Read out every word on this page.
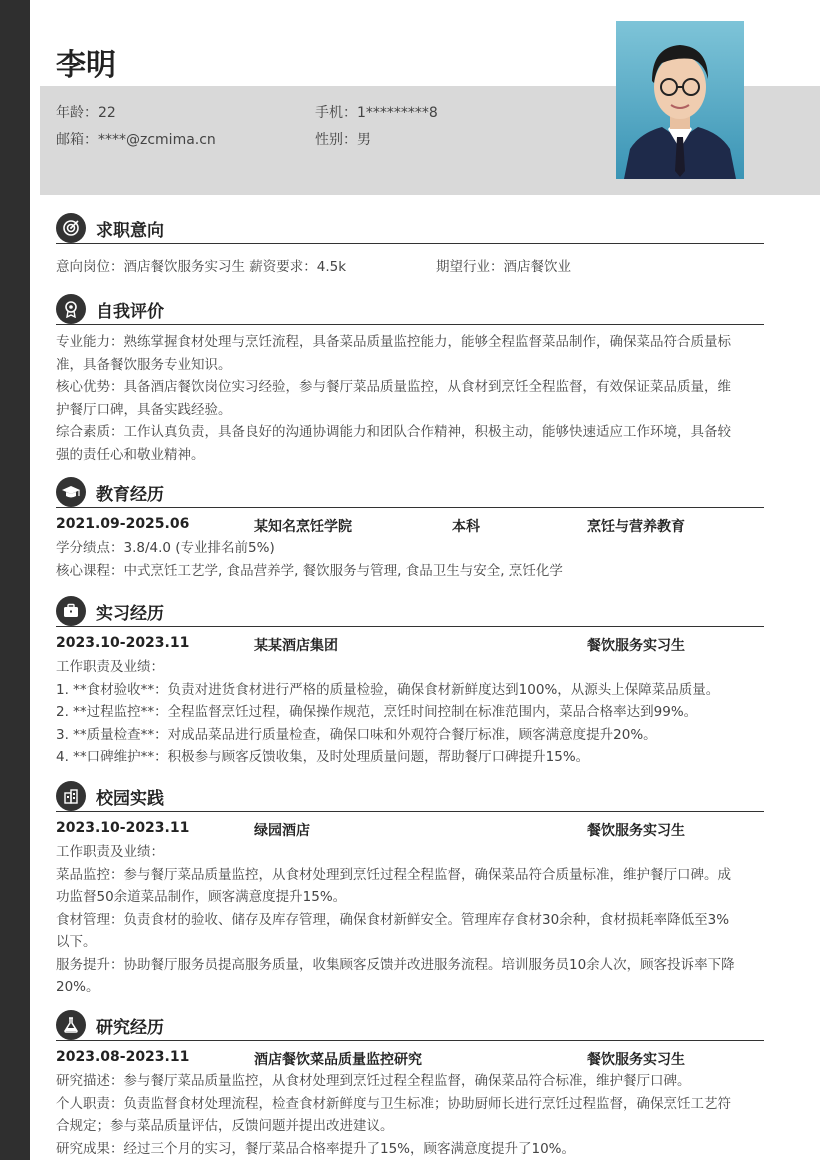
李明
年龄：22	手机：1*********8
邮箱：****@zcmima.cn	性别：男
求职意向
意向岗位：酒店餐饮服务实习生 薪资要求：4.5k	期望行业：酒店餐饮业
自我评价
专业能力：熟练掌握食材处理与烹饪流程，具备菜品质量监控能力，能够全程监督菜品制作，确保菜品符合质量标
准，具备餐饮服务专业知识。
核心优势：具备酒店餐饮岗位实习经验，参与餐厅菜品质量监控，从食材到烹饪全程监督，有效保证菜品质量，维
护餐厅口碑，具备实践经验。
综合素质：工作认真负责，具备良好的沟通协调能力和团队合作精神，积极主动，能够快速适应工作环境，具备较
强的责任心和敬业精神。
教育经历
2021.09-2025.06	某知名烹饪学院	本科	烹饪与营养教育
学分绩点：3.8/4.0 (专业排名前5%)
核心课程：中式烹饪工艺学, 食品营养学, 餐饮服务与管理, 食品卫生与安全, 烹饪化学
实习经历
2023.10-2023.11	某某酒店集团	餐饮服务实习生
工作职责及业绩：
1. **食材验收**：负责对进货食材进行严格的质量检验，确保食材新鲜度达到100%，从源头上保障菜品质量。
2. **过程监控**：全程监督烹饪过程，确保操作规范，烹饪时间控制在标准范围内，菜品合格率达到99%。
3. **质量检查**：对成品菜品进行质量检查，确保口味和外观符合餐厅标准，顾客满意度提升20%。
4. **口碑维护**：积极参与顾客反馈收集，及时处理质量问题，帮助餐厅口碑提升15%。
校园实践
2023.10-2023.11	绿园酒店	餐饮服务实习生
工作职责及业绩：
菜品监控：参与餐厅菜品质量监控，从食材处理到烹饪过程全程监督，确保菜品符合质量标准，维护餐厅口碑。成
功监督50余道菜品制作，顾客满意度提升15%。
食材管理：负责食材的验收、储存及库存管理，确保食材新鲜安全。管理库存食材30余种，食材损耗率降低至3%
以下。
服务提升：协助餐厅服务员提高服务质量，收集顾客反馈并改进服务流程。培训服务员10余人次，顾客投诉率下降
20%。
研究经历
2023.08-2023.11	酒店餐饮菜品质量监控研究	餐饮服务实习生
研究描述：参与餐厅菜品质量监控，从食材处理到烹饪过程全程监督，确保菜品符合标准，维护餐厅口碑。
个人职责：负责监督食材处理流程，检查食材新鲜度与卫生标准；协助厨师长进行烹饪过程监督，确保烹饪工艺符
合规定；参与菜品质量评估，反馈问题并提出改进建议。
研究成果：经过三个月的实习，餐厅菜品合格率提升了15%，顾客满意度提升了10%。
